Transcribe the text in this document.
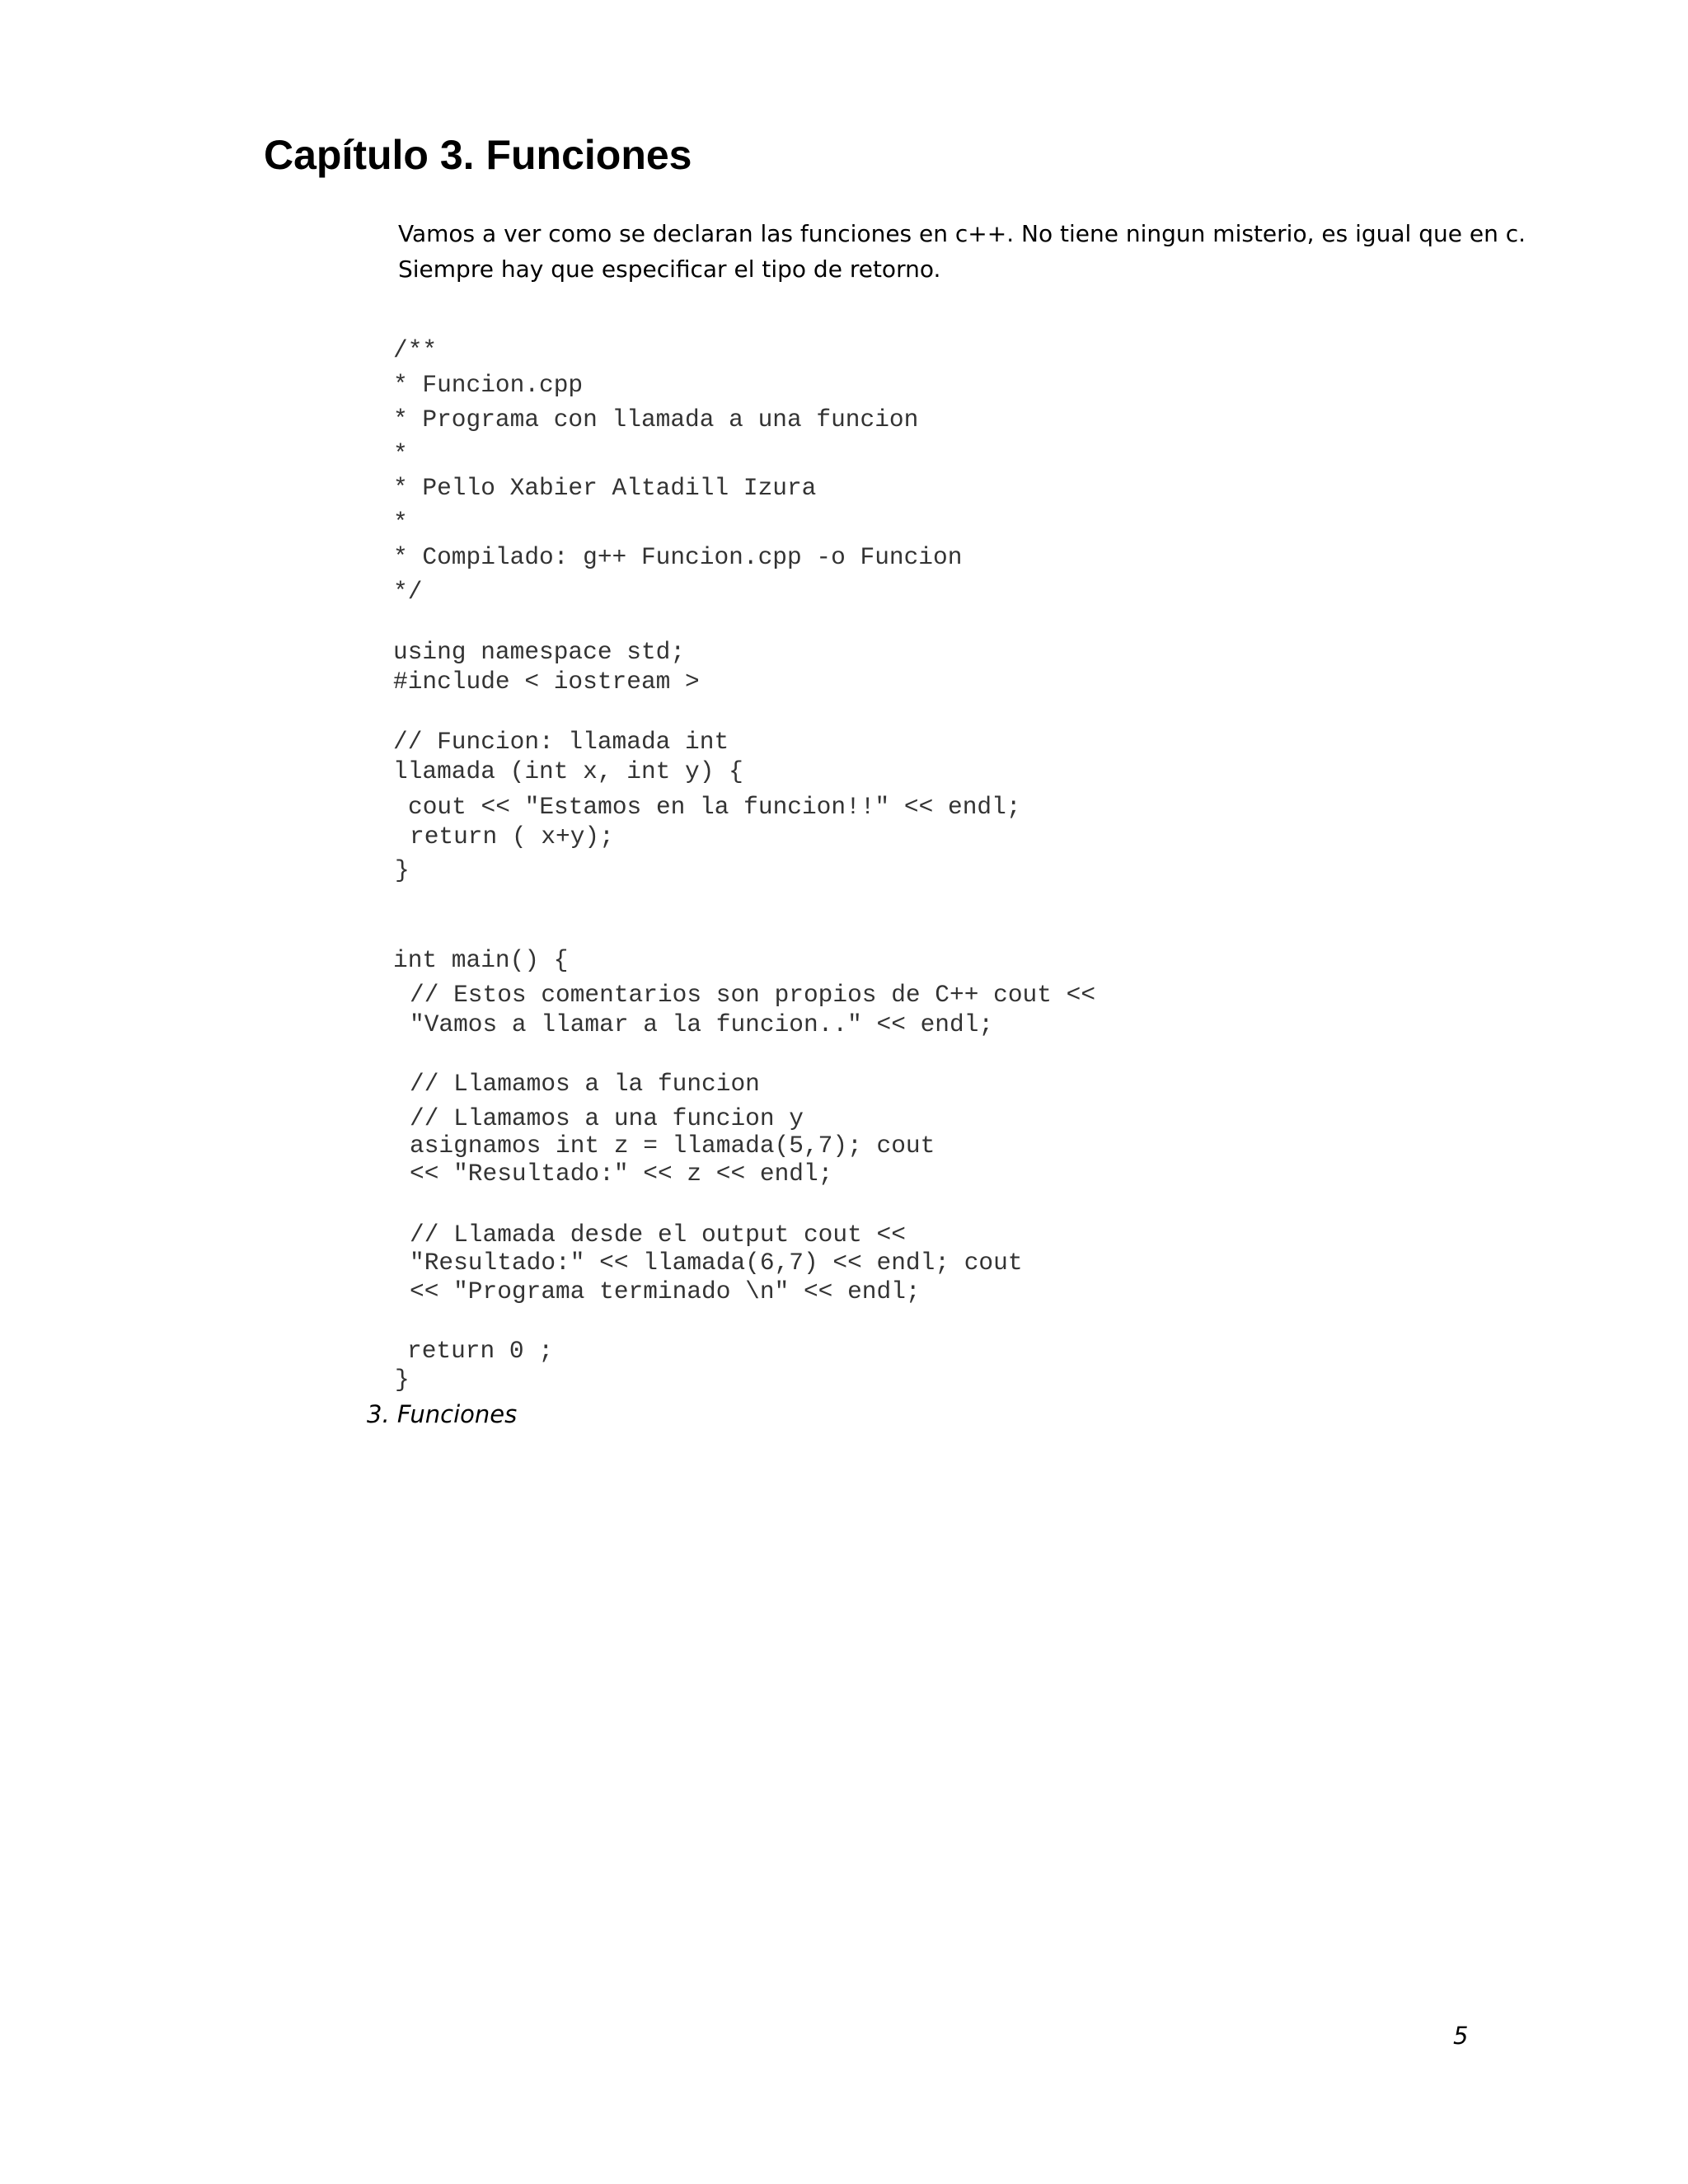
Capítulo 3. Funciones
Vamos a ver como se declaran las funciones en c++. No tiene ningun misterio, es igual que en c.
Siempre hay que especificar el tipo de retorno.
/**
* Funcion.cpp
* Programa con llamada a una funcion
*
* Pello Xabier Altadill Izura
*
* Compilado: g++ Funcion.cpp -o Funcion
*/
using namespace std;
#include < iostream >
// Funcion: llamada int
llamada (int x, int y) {
cout << "Estamos en la funcion!!" << endl;
return ( x+y);
}
int main() {
// Estos comentarios son propios de C++ cout <<
"Vamos a llamar a la funcion.." << endl;
// Llamamos a la funcion
// Llamamos a una funcion y
asignamos int z = llamada(5,7); cout
<< "Resultado:" << z << endl;
// Llamada desde el output cout <<
"Resultado:" << llamada(6,7) << endl; cout
<< "Programa terminado \n" << endl;
return 0 ;
}

3. Funciones

5
